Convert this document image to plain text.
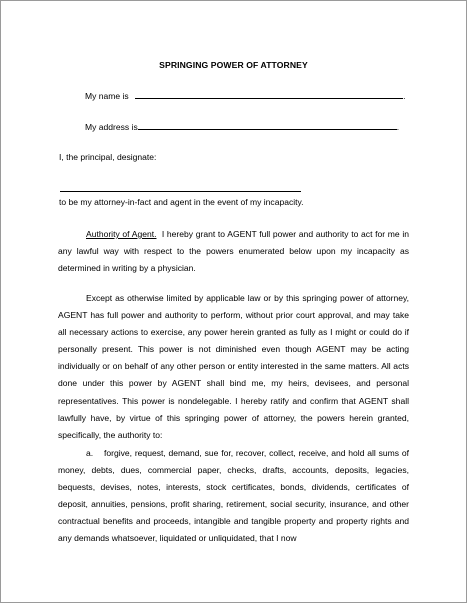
SPRINGING POWER OF ATTORNEY
My name is	.
My address is	.
I, the principal, designate:
to be my attorney-in-fact and agent in the event of my incapacity.
Authority of Agent. I hereby grant to AGENT full power and authority to act for me in any lawful way with respect to the powers enumerated below upon my incapacity as determined in writing by a physician.
Except as otherwise limited by applicable law or by this springing power of attorney, AGENT has full power and authority to perform, without prior court approval, and may take all necessary actions to exercise, any power herein granted as fully as I might or could do if personally present. This power is not diminished even though AGENT may be acting individually or on behalf of any other person or entity interested in the same matters. All acts done under this power by AGENT shall bind me, my heirs, devisees, and personal representatives. This power is nondelegable. I hereby ratify and confirm that AGENT shall lawfully have, by virtue of this springing power of attorney, the powers herein granted, specifically, the authority to:
a. forgive, request, demand, sue for, recover, collect, receive, and hold all sums of money, debts, dues, commercial paper, checks, drafts, accounts, deposits, legacies, bequests, devises, notes, interests, stock certificates, bonds, dividends, certificates of deposit, annuities, pensions, profit sharing, retirement, social security, insurance, and other contractual benefits and proceeds, intangible and tangible property and property rights and any demands whatsoever, liquidated or unliquidated, that I now
